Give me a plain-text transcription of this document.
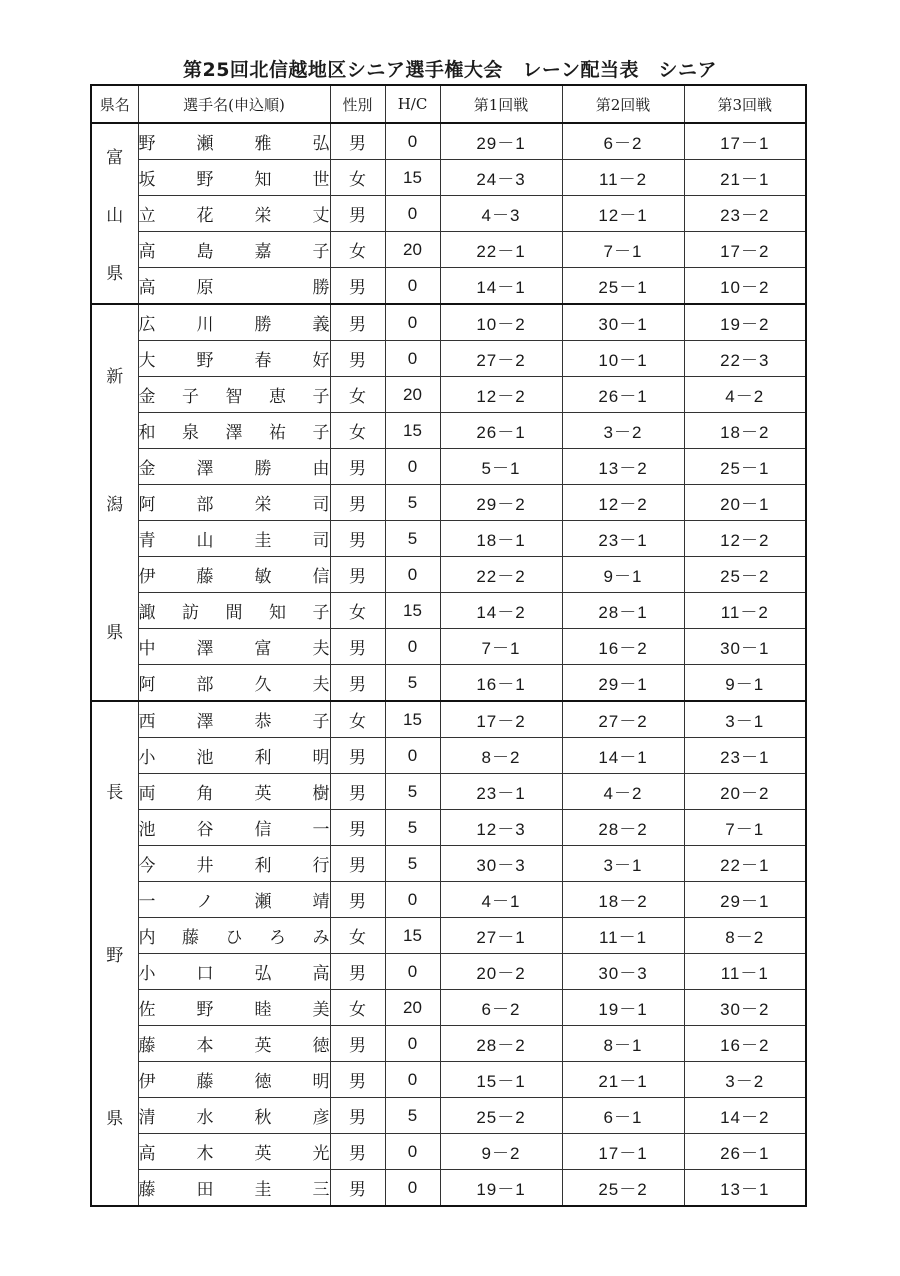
第25回北信越地区シニア選手権大会　レーン配当表　シニア
県名	選手名(申込順)	性別	H/C	第1回戦	第2回戦	第3回戦

富
山
県	野瀬雅弘	男	0	29－1	6－2	17－1
	坂野知世	女	15	24－3	11－2	21－1
	立花栄丈	男	0	4－3	12－1	23－2
	高島嘉子	女	20	22－1	7－1	17－2
	高原　勝	男	0	14－1	25－1	10－2

新
潟
県	広川勝義	男	0	10－2	30－1	19－2
	大野春好	男	0	27－2	10－1	22－3
	金子智恵子	女	20	12－2	26－1	4－2
	和泉澤祐子	女	15	26－1	3－2	18－2
	金澤勝由	男	0	5－1	13－2	25－1
	阿部栄司	男	5	29－2	12－2	20－1
	青山圭司	男	5	18－1	23－1	12－2
	伊藤敏信	男	0	22－2	9－1	25－2
	諏訪間知子	女	15	14－2	28－1	11－2
	中澤富夫	男	0	7－1	16－2	30－1
	阿部久夫	男	5	16－1	29－1	9－1

長
野
県	西澤恭子	女	15	17－2	27－2	3－1
	小池利明	男	0	8－2	14－1	23－1
	両角英樹	男	5	23－1	4－2	20－2
	池谷信一	男	5	12－3	28－2	7－1
	今井利行	男	5	30－3	3－1	22－1
	一ノ瀬靖	男	0	4－1	18－2	29－1
	内藤ひろみ	女	15	27－1	11－1	8－2
	小口弘高	男	0	20－2	30－3	11－1
	佐野睦美	女	20	6－2	19－1	30－2
	藤本英徳	男	0	28－2	8－1	16－2
	伊藤徳明	男	0	15－1	21－1	3－2
	清水秋彦	男	5	25－2	6－1	14－2
	高木英光	男	0	9－2	17－1	26－1
	藤田圭三	男	0	19－1	25－2	13－1
